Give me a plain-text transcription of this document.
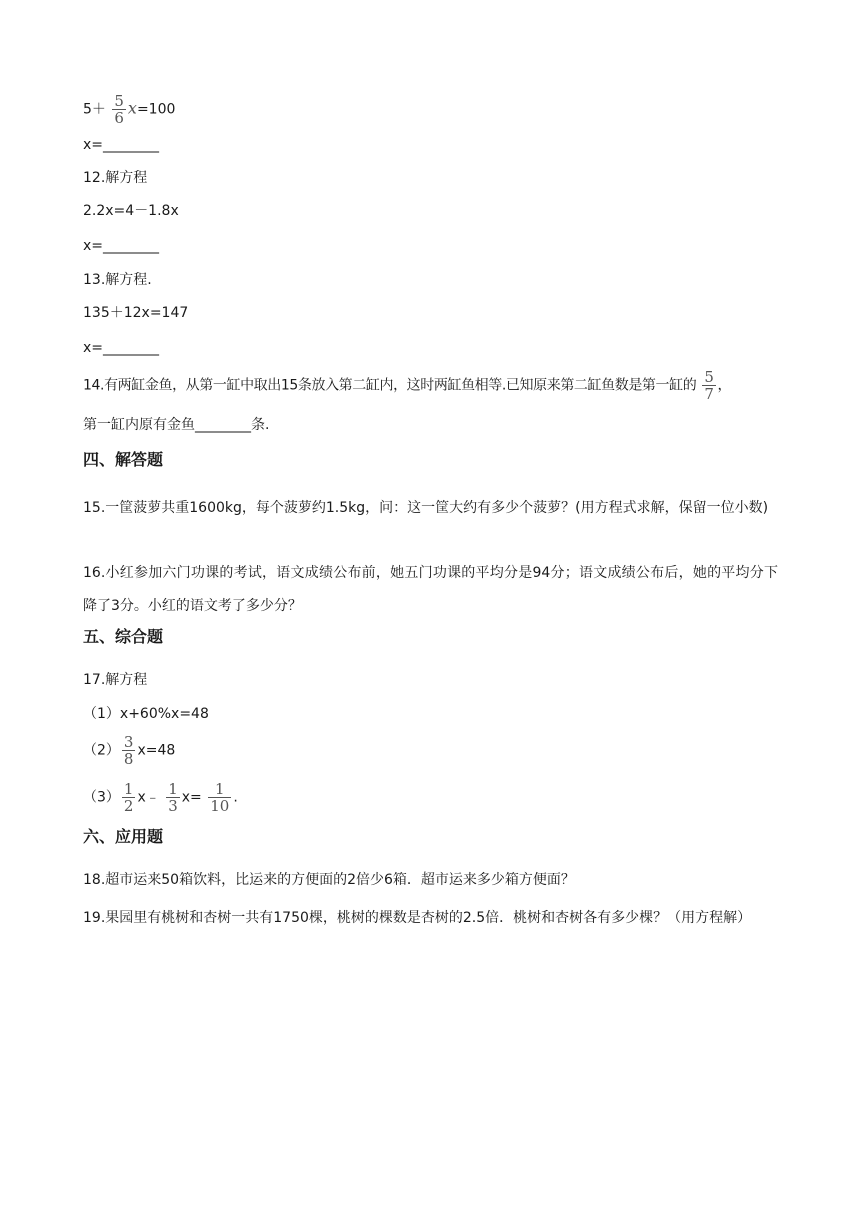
$5+ \frac{5}{6} x=100$
x=________
12.解方程
2.2x=4－1.8x
x=________
13.解方程.
135＋12x=147
x=________
14.有两缸金鱼，从第一缸中取出15条放入第二缸内，这时两缸鱼相等.已知原来第二缸鱼数是第一缸的 $\frac{5}{7}$ ，
第一缸内原有金鱼________条.
四、解答题
15.一筐菠萝共重1600kg，每个菠萝约1.5kg，问：这一筐大约有多少个菠萝？(用方程式求解，保留一位小数)
16.小红参加六门功课的考试，语文成绩公布前，她五门功课的平均分是94分；语文成绩公布后，她的平均分下降了3分。小红的语文考了多少分？
五、综合题
17.解方程
（1）x+60%x=48
$(2) \frac{3}{8} x=48$
$(3) \frac{1}{2}$ x﹣ $\frac{1}{3} x= \frac{1}{10}$ .
六、应用题
18.超市运来50箱饮料，比运来的方便面的2倍少6箱．超市运来多少箱方便面？
19.果园里有桃树和杏树一共有1750棵，桃树的棵数是杏树的2.5倍．桃树和杏树各有多少棵？（用方程解）
